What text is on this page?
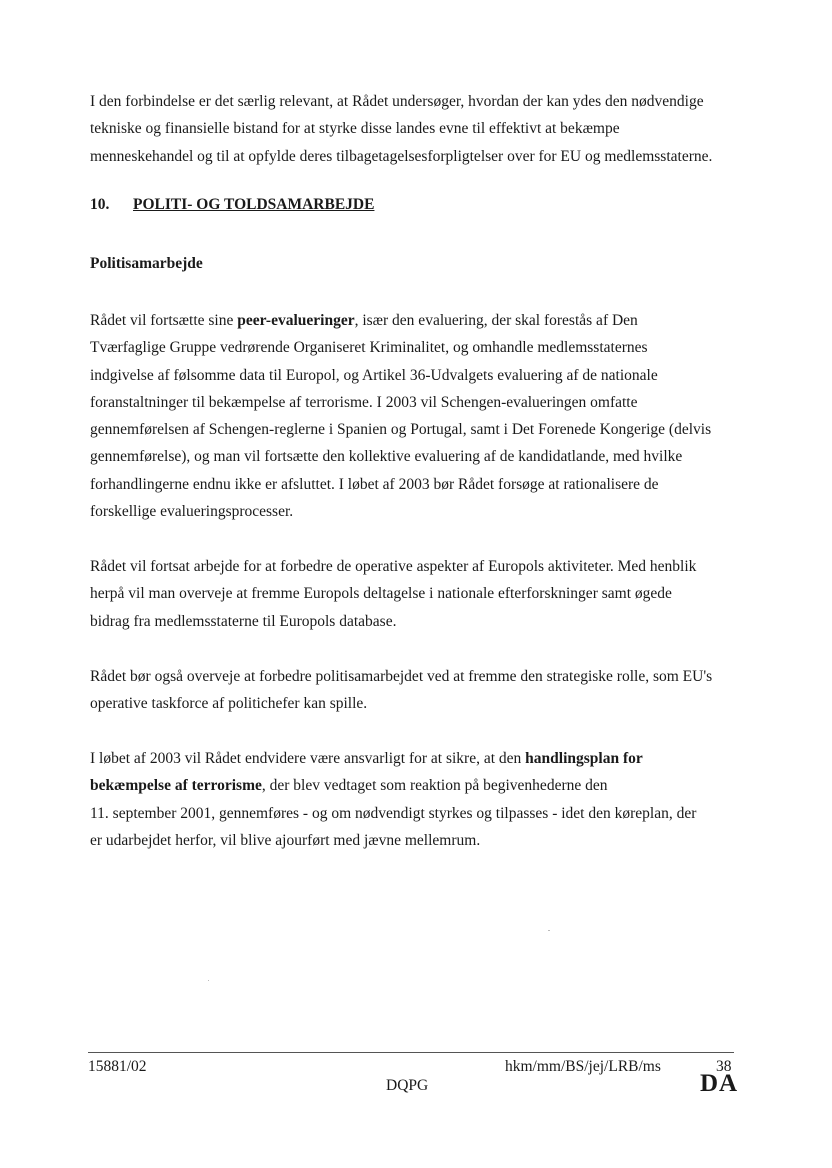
I den forbindelse er det særlig relevant, at Rådet undersøger, hvordan der kan ydes den nødvendige
tekniske og finansielle bistand for at styrke disse landes evne til effektivt at bekæmpe
menneskehandel og til at opfylde deres tilbagetagelsesforpligtelser over for EU og medlemsstaterne.
10. POLITI- OG TOLDSAMARBEJDE
Politisamarbejde
Rådet vil fortsætte sine peer-evalueringer, især den evaluering, der skal forestås af Den
Tværfaglige Gruppe vedrørende Organiseret Kriminalitet, og omhandle medlemsstaternes
indgivelse af følsomme data til Europol, og Artikel 36-Udvalgets evaluering af de nationale
foranstaltninger til bekæmpelse af terrorisme. I 2003 vil Schengen-evalueringen omfatte
gennemførelsen af Schengen-reglerne i Spanien og Portugal, samt i Det Forenede Kongerige (delvis
gennemførelse), og man vil fortsætte den kollektive evaluering af de kandidatlande, med hvilke
forhandlingerne endnu ikke er afsluttet. I løbet af 2003 bør Rådet forsøge at rationalisere de
forskellige evalueringsprocesser.
Rådet vil fortsat arbejde for at forbedre de operative aspekter af Europols aktiviteter. Med henblik
herpå vil man overveje at fremme Europols deltagelse i nationale efterforskninger samt øgede
bidrag fra medlemsstaterne til Europols database.
Rådet bør også overveje at forbedre politisamarbejdet ved at fremme den strategiske rolle, som EU's
operative taskforce af politichefer kan spille.
I løbet af 2003 vil Rådet endvidere være ansvarligt for at sikre, at den handlingsplan for
bekæmpelse af terrorisme, der blev vedtaget som reaktion på begivenhederne den
11. september 2001, gennemføres - og om nødvendigt styrkes og tilpasses - idet den køreplan, der
er udarbejdet herfor, vil blive ajourført med jævne mellemrum.
15881/02	hkm/mm/BS/jej/LRB/ms	38
DQPG	DA
